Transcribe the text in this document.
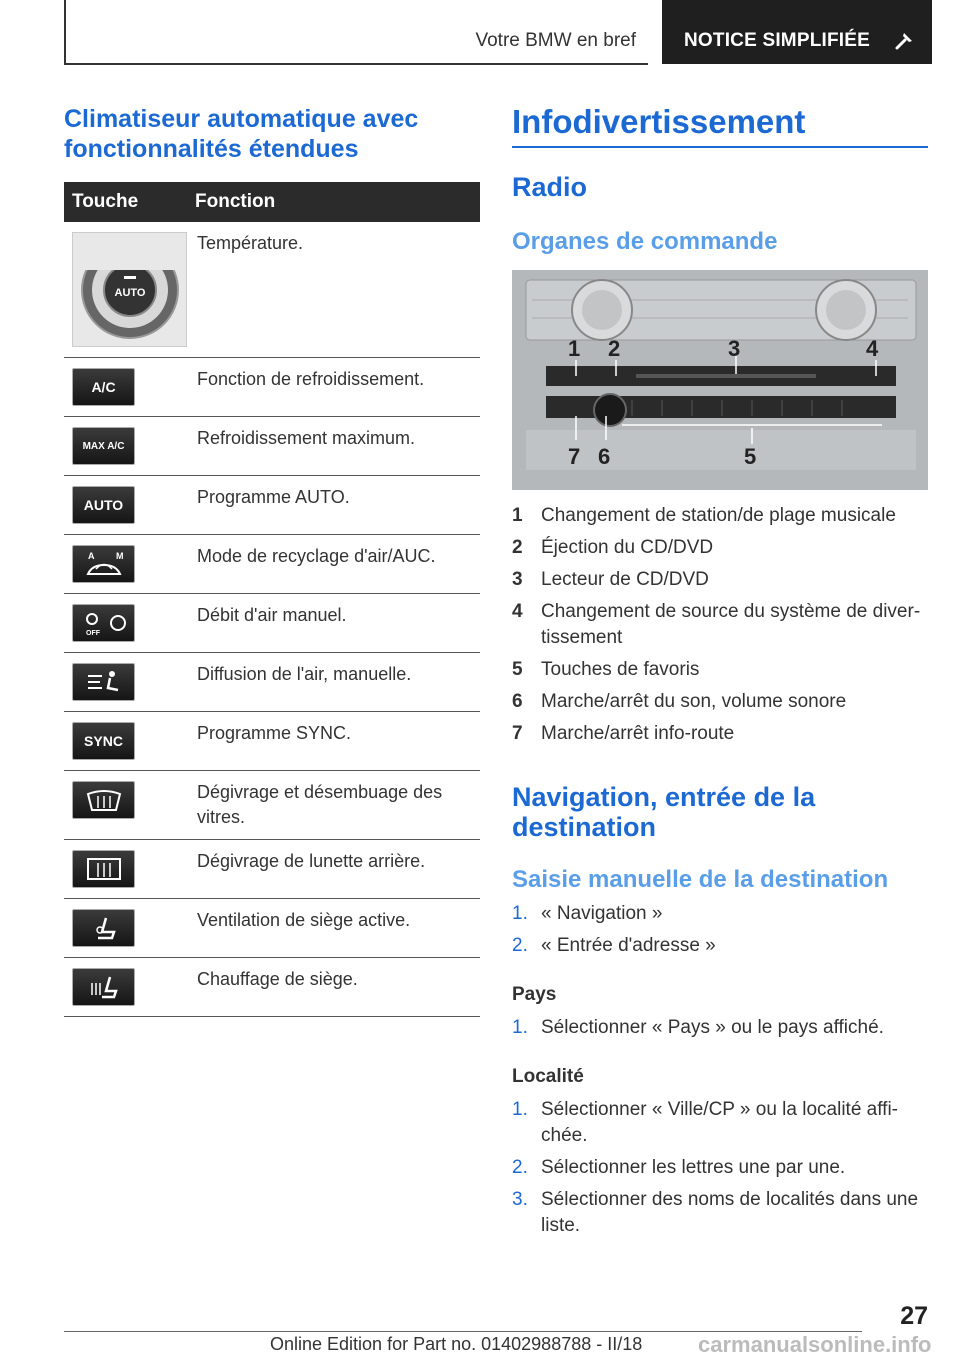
Votre BMW en bref	NOTICE SIMPLIFIÉE
Climatiseur automatique avec fonctionnalités étendues
Touche	Fonction

AUTO	Température.

A/C	Fonction de refroidissement.

MAX A/C	Refroidissement maximum.

AUTO	Programme AUTO.

A M	Mode de recyclage d'air/AUC.

OFF	Débit d'air manuel.

	Diffusion de l'air, manuelle.

SYNC	Programme SYNC.

	Dégivrage et désembuage des vitres.

	Dégivrage de lunette arrière.

	Ventilation de siège active.

	Chauffage de siège.
Infodivertissement
Radio
Organes de commande
1 2	3	4
7 6	5
1 Changement de station/de plage musicale
2 Éjection du CD/DVD
3 Lecteur de CD/DVD
4 Changement de source du système de diver- tissement
5 Touches de favoris
6 Marche/arrêt du son, volume sonore
7 Marche/arrêt info-route
Navigation, entrée de la destination
Saisie manuelle de la destination
1. « Navigation »
2. « Entrée d'adresse »
Pays
1. Sélectionner « Pays » ou le pays affiché.
Localité
1. Sélectionner « Ville/CP » ou la localité affi- chée.
2. Sélectionner les lettres une par une.
3. Sélectionner des noms de localités dans une liste.
27
Online Edition for Part no. 01402988788 - II/18	carmanualsonline.info
